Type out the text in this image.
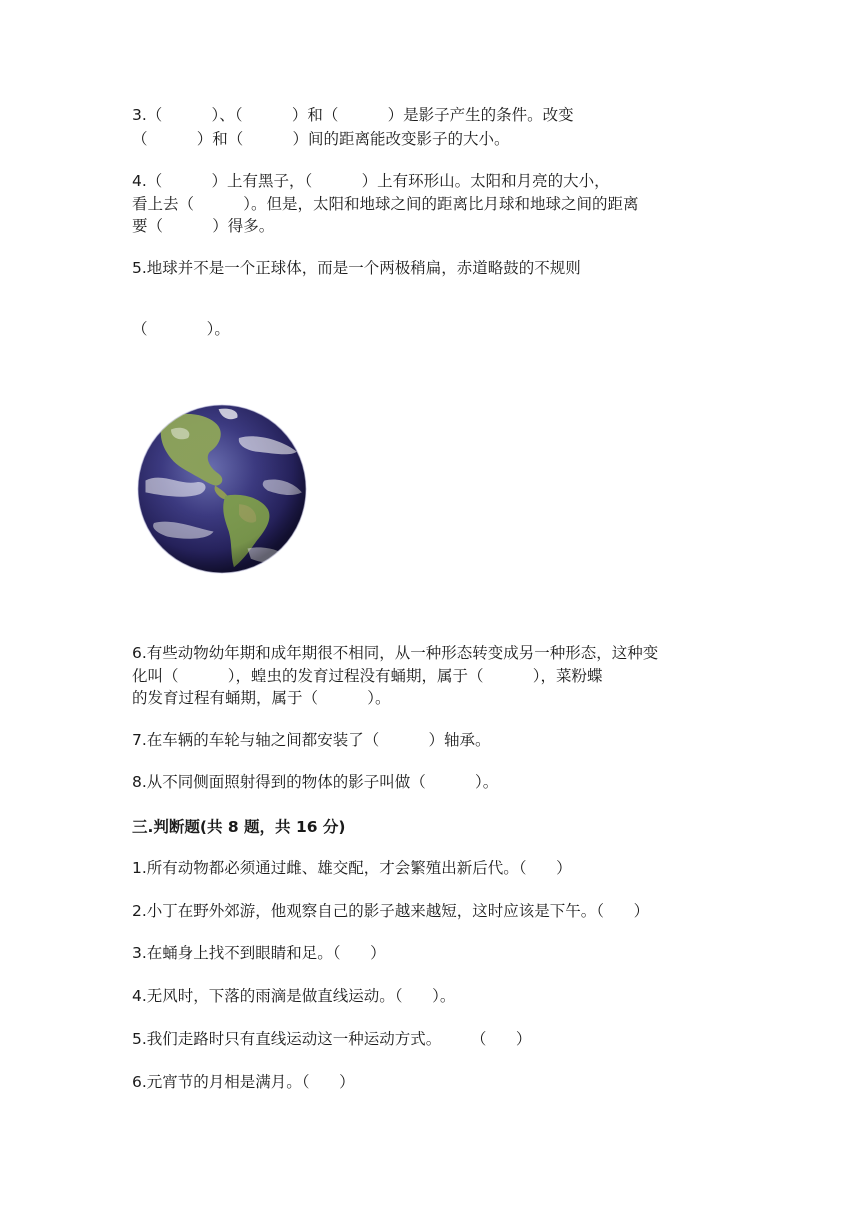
3.（          ）、（          ）和（          ）是影子产生的条件。改变
（          ）和（          ）间的距离能改变影子的大小。
4.（          ）上有黑子，（          ）上有环形山。太阳和月亮的大小，
看上去（          ）。但是，太阳和地球之间的距离比月球和地球之间的距离
要（          ）得多。
5.地球并不是一个正球体，而是一个两极稍扁，赤道略鼓的不规则
（            ）。
6.有些动物幼年期和成年期很不相同，从一种形态转变成另一种形态，这种变
化叫（          ），蝗虫的发育过程没有蛹期，属于（          ），菜粉蝶
的发育过程有蛹期，属于（          ）。
7.在车辆的车轮与轴之间都安装了（          ）轴承。
8.从不同侧面照射得到的物体的影子叫做（          ）。
三.判断题(共 8 题，共 16 分)
1.所有动物都必须通过雌、雄交配，才会繁殖出新后代。（      ）
2.小丁在野外郊游，他观察自己的影子越来越短，这时应该是下午。（      ）
3.在蛹身上找不到眼睛和足。（      ）
4.无风时，下落的雨滴是做直线运动。（      ）。
5.我们走路时只有直线运动这一种运动方式。      （      ）
6.元宵节的月相是满月。（      ）
